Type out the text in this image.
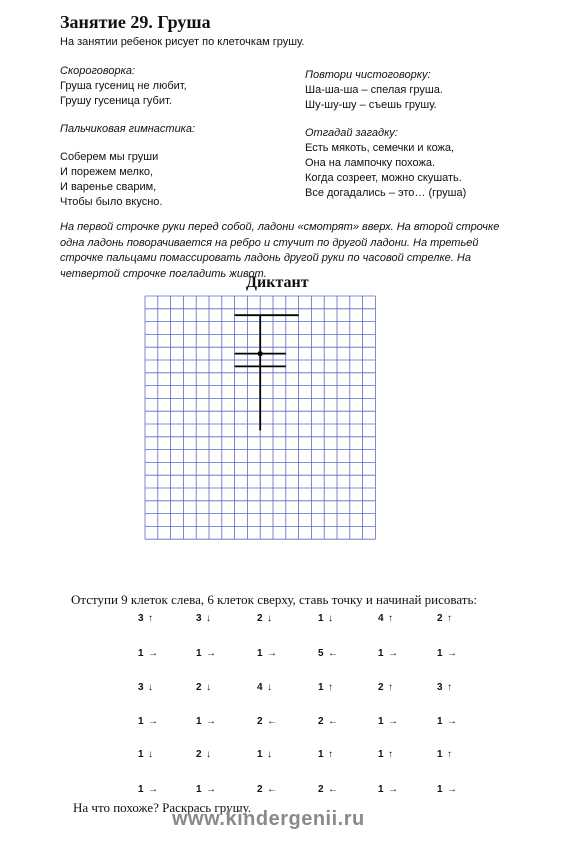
Занятие 29. Груша
На занятии ребенок рисует по клеточкам грушу.
Скороговорка:
Груша гусениц не любит,
Грушу гусеница губит.
Пальчиковая гимнастика:
Соберем мы груши
И порежем мелко,
И варенье сварим,
Чтобы было вкусно.
Повтори чистоговорку:
Ша-ша-ша – спелая груша.
Шу-шу-шу – съешь грушу.
Отгадай загадку:
Есть мякоть, семечки и кожа,
Она на лампочку похожа.
Когда созреет, можно скушать.
Все догадались – это… (груша)
На первой строчке руки перед собой, ладони «смотрят» вверх. На второй строчке одна ладонь поворачивается на ребро и стучит по другой ладони. На третьей строчке пальцами помассировать ладонь другой руки по часовой стрелке. На четвертой строчке погладить живот.
Диктант
Отступи 9 клеток слева, 6 клеток сверху, ставь точку и начинай рисовать:
3 ↑	3 ↓	2 ↓	1 ↓	4 ↑	2 ↑
1 →	1 →	1 →	5 ←	1 →	1 →
3 ↓	2 ↓	4 ↓	1 ↑	2 ↑	3 ↑
1 →	1 →	2 ←	2 ←	1 →	1 →
1 ↓	2 ↓	1 ↓	1 ↑	1 ↑	1 ↑
1 →	1 →	2 ←	2 ←	1 →	1 →
На что похоже? Раскрась грушу.
www.kindergenii.ru
